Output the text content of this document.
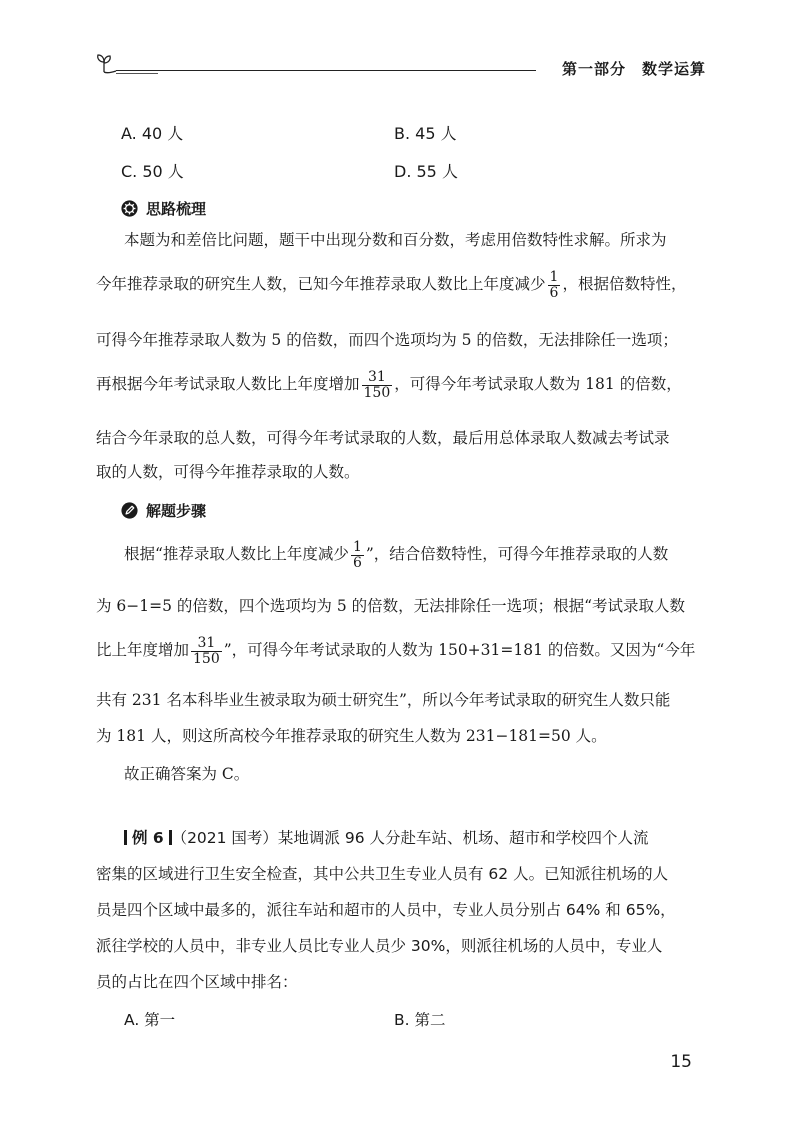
第一部分　数学运算
A. 40 人	B. 45 人
C. 50 人	D. 55 人
思路梳理
本题为和差倍比问题，题干中出现分数和百分数，考虑用倍数特性求解。所求为
今年推荐录取的研究生人数，已知今年推荐录取人数比上年度减少 $\frac{1}{6}$ ，根据倍数特性，
可得今年推荐录取人数为 5 的倍数，而四个选项均为 5 的倍数，无法排除任一选项；
再根据今年考试录取人数比上年度增加 $\frac{31}{150}$ ，可得今年考试录取人数为 181 的倍数，
结合今年录取的总人数，可得今年考试录取的人数，最后用总体录取人数减去考试录
取的人数，可得今年推荐录取的人数。
解题步骤
根据“推荐录取人数比上年度减少 $\frac{1}{6}$ ”，结合倍数特性，可得今年推荐录取的人数
为 6−1=5 的倍数，四个选项均为 5 的倍数，无法排除任一选项；根据“考试录取人数
比上年度增加 $\frac{31}{150}$ ”，可得今年考试录取的人数为 150+31=181 的倍数。又因为“今年
共有 231 名本科毕业生被录取为硕士研究生”，所以今年考试录取的研究生人数只能
为 181 人，则这所高校今年推荐录取的研究生人数为 231−181=50 人。
故正确答案为 C。
例 6 （2021 国考）某地调派 96 人分赴车站、机场、超市和学校四个人流
密集的区域进行卫生安全检查，其中公共卫生专业人员有 62 人。已知派往机场的人
员是四个区域中最多的，派往车站和超市的人员中，专业人员分别占 64% 和 65%，
派往学校的人员中，非专业人员比专业人员少 30%，则派往机场的人员中，专业人
员的占比在四个区域中排名：
A. 第一	B. 第二
15
